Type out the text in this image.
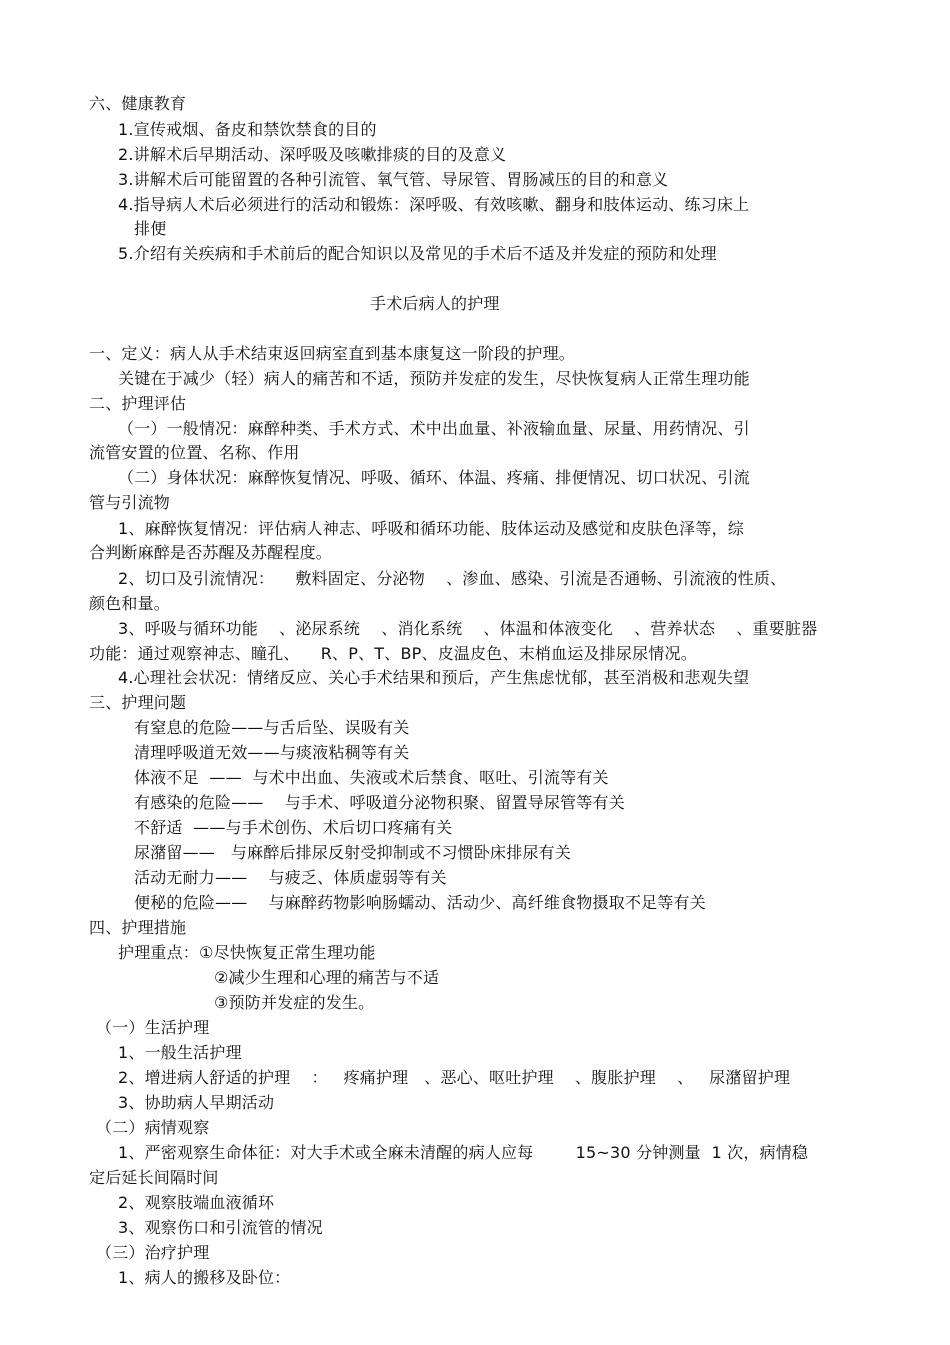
六、健康教育
1.宣传戒烟、备皮和禁饮禁食的目的
2.讲解术后早期活动、深呼吸及咳嗽排痰的目的及意义
3.讲解术后可能留置的各种引流管、氧气管、导尿管、胃肠减压的目的和意义
4.指导病人术后必须进行的活动和锻炼：深呼吸、有效咳嗽、翻身和肢体运动、练习床上
排便
5.介绍有关疾病和手术前后的配合知识以及常见的手术后不适及并发症的预防和处理
手术后病人的护理
一、定义：病人从手术结束返回病室直到基本康复这一阶段的护理。
关键在于减少（轻）病人的痛苦和不适，预防并发症的发生，尽快恢复病人正常生理功能
二、护理评估
（一）一般情况：麻醉种类、手术方式、术中出血量、补液输血量、尿量、用药情况、引
流管安置的位置、名称、作用
（二）身体状况：麻醉恢复情况、呼吸、循环、体温、疼痛、排便情况、切口状况、引流
管与引流物
1、麻醉恢复情况：评估病人神志、呼吸和循环功能、肢体运动及感觉和皮肤色泽等，综
合判断麻醉是否苏醒及苏醒程度。
2、切口及引流情况：    敷料固定、分泌物    、渗血、感染、引流是否通畅、引流液的性质、
颜色和量。
3、呼吸与循环功能    、泌尿系统    、消化系统    、体温和体液变化    、营养状态    、重要脏器
功能：通过观察神志、瞳孔、    R、P、T、BP、皮温皮色、末梢血运及排尿尿情况。
4.心理社会状况：情绪反应、关心手术结果和预后，产生焦虑忧郁，甚至消极和悲观失望
三、护理问题
有窒息的危险——与舌后坠、误吸有关
清理呼吸道无效——与痰液粘稠等有关
体液不足  ——  与术中出血、失液或术后禁食、呕吐、引流等有关
有感染的危险——    与手术、呼吸道分泌物积聚、留置导尿管等有关
不舒适  ——与手术创伤、术后切口疼痛有关
尿潴留——   与麻醉后排尿反射受抑制或不习惯卧床排尿有关
活动无耐力——    与疲乏、体质虚弱等有关
便秘的危险——    与麻醉药物影响肠蠕动、活动少、高纤维食物摄取不足等有关
四、护理措施
护理重点：①尽快恢复正常生理功能
②减少生理和心理的痛苦与不适
③预防并发症的发生。
（一）生活护理
1、一般生活护理
2、增进病人舒适的护理    ：   疼痛护理   、恶心、呕吐护理    、腹胀护理    、   尿潴留护理
3、协助病人早期活动
（二）病情观察
1、严密观察生命体征：对大手术或全麻未清醒的病人应每        15~30 分钟测量  1 次，病情稳
定后延长间隔时间
2、观察肢端血液循环
3、观察伤口和引流管的情况
（三）治疗护理
1、病人的搬移及卧位：
